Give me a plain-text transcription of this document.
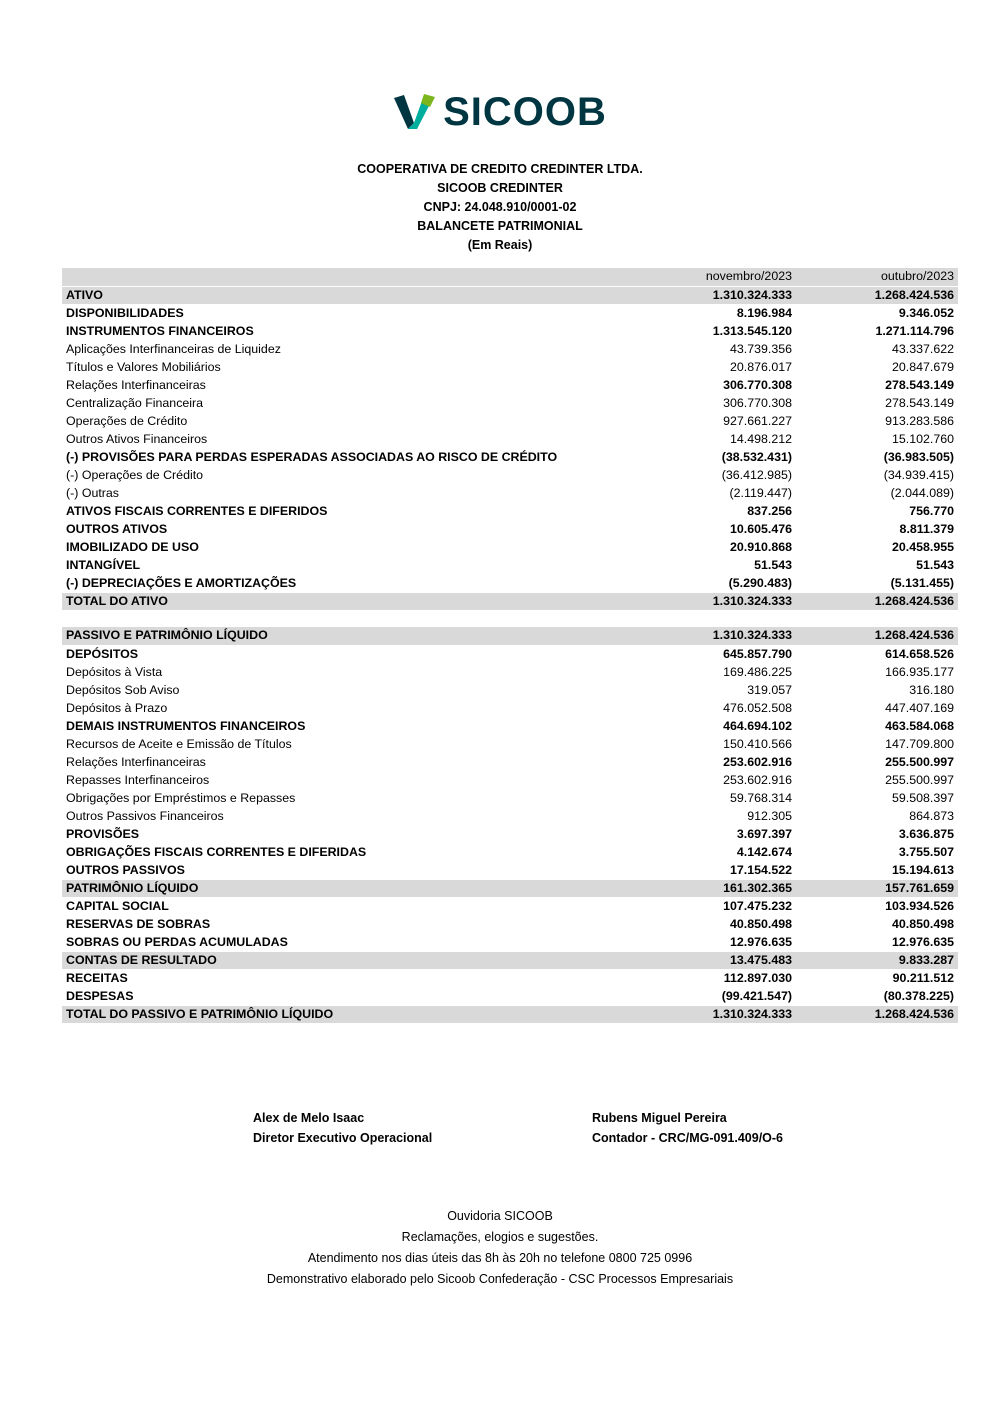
SICOOB
COOPERATIVA DE CREDITO CREDINTER LTDA.
SICOOB CREDINTER
CNPJ: 24.048.910/0001-02
BALANCETE PATRIMONIAL
(Em Reais)
	novembro/2023	outubro/2023
ATIVO	1.310.324.333	1.268.424.536
DISPONIBILIDADES	8.196.984	9.346.052
INSTRUMENTOS FINANCEIROS	1.313.545.120	1.271.114.796
Aplicações Interfinanceiras de Liquidez	43.739.356	43.337.622
Títulos e Valores Mobiliários	20.876.017	20.847.679
Relações Interfinanceiras	306.770.308	278.543.149
Centralização Financeira	306.770.308	278.543.149
Operações de Crédito	927.661.227	913.283.586
Outros Ativos Financeiros	14.498.212	15.102.760
(-) PROVISÕES PARA PERDAS ESPERADAS ASSOCIADAS AO RISCO DE CRÉDITO	(38.532.431)	(36.983.505)
(-) Operações de Crédito	(36.412.985)	(34.939.415)
(-) Outras	(2.119.447)	(2.044.089)
ATIVOS FISCAIS CORRENTES E DIFERIDOS	837.256	756.770
OUTROS ATIVOS	10.605.476	8.811.379
IMOBILIZADO DE USO	20.910.868	20.458.955
INTANGÍVEL	51.543	51.543
(-) DEPRECIAÇÕES E AMORTIZAÇÕES	(5.290.483)	(5.131.455)
TOTAL DO ATIVO	1.310.324.333	1.268.424.536

PASSIVO E PATRIMÔNIO LÍQUIDO	1.310.324.333	1.268.424.536
DEPÓSITOS	645.857.790	614.658.526
Depósitos à Vista	169.486.225	166.935.177
Depósitos Sob Aviso	319.057	316.180
Depósitos à Prazo	476.052.508	447.407.169
DEMAIS INSTRUMENTOS FINANCEIROS	464.694.102	463.584.068
Recursos de Aceite e Emissão de Títulos	150.410.566	147.709.800
Relações Interfinanceiras	253.602.916	255.500.997
Repasses Interfinanceiros	253.602.916	255.500.997
Obrigações por Empréstimos e Repasses	59.768.314	59.508.397
Outros Passivos Financeiros	912.305	864.873
PROVISÕES	3.697.397	3.636.875
OBRIGAÇÕES FISCAIS CORRENTES E DIFERIDAS	4.142.674	3.755.507
OUTROS PASSIVOS	17.154.522	15.194.613
PATRIMÔNIO LÍQUIDO	161.302.365	157.761.659
CAPITAL SOCIAL	107.475.232	103.934.526
RESERVAS DE SOBRAS	40.850.498	40.850.498
SOBRAS OU PERDAS ACUMULADAS	12.976.635	12.976.635
CONTAS DE RESULTADO	13.475.483	9.833.287
RECEITAS	112.897.030	90.211.512
DESPESAS	(99.421.547)	(80.378.225)
TOTAL DO PASSIVO E PATRIMÔNIO LÍQUIDO	1.310.324.333	1.268.424.536
Alex de Melo Isaac
Diretor Executivo Operacional
Rubens Miguel Pereira
Contador - CRC/MG-091.409/O-6
Ouvidoria SICOOB
Reclamações, elogios e sugestões.
Atendimento nos dias úteis das 8h às 20h no telefone 0800 725 0996
Demonstrativo elaborado pelo Sicoob Confederação - CSC Processos Empresariais
